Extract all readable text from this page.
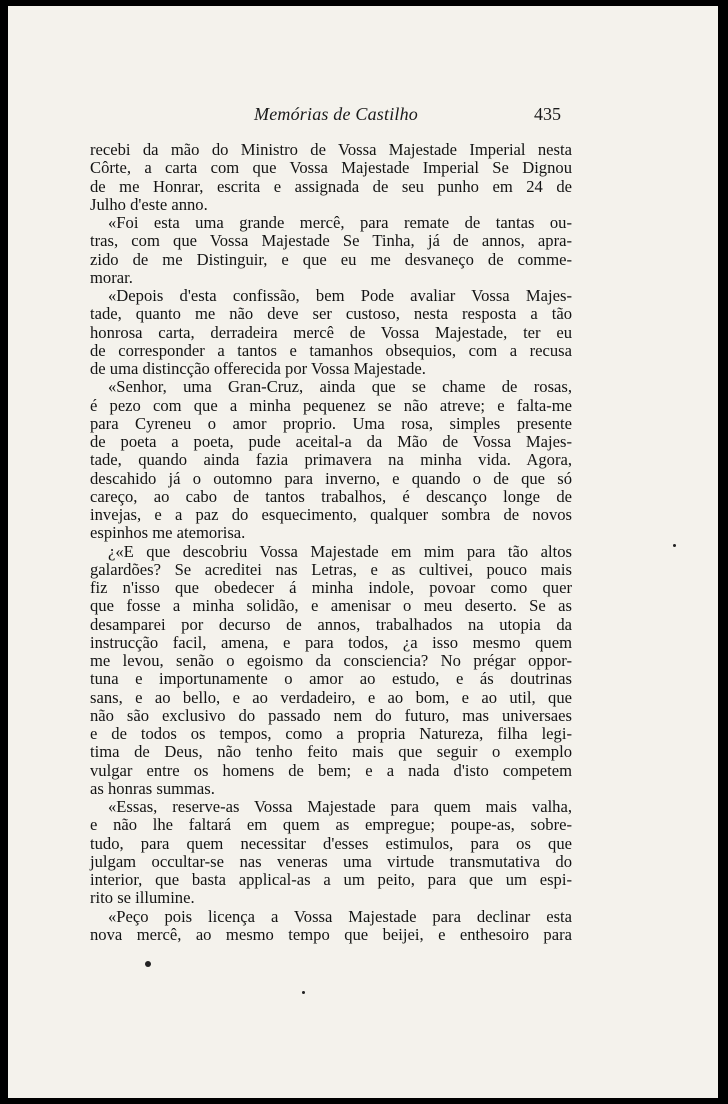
Memórias de Castilho	435
recebi da mão do Ministro de Vossa Majestade Imperial nesta
Côrte, a carta com que Vossa Majestade Imperial Se Dignou
de me Honrar, escrita e assignada de seu punho em 24 de
Julho d'este anno.
«Foi esta uma grande mercê, para remate de tantas ou-
tras, com que Vossa Majestade Se Tinha, já de annos, apra-
zido de me Distinguir, e que eu me desvaneço de comme-
morar.
«Depois d'esta confissão, bem Pode avaliar Vossa Majes-
tade, quanto me não deve ser custoso, nesta resposta a tão
honrosa carta, derradeira mercê de Vossa Majestade, ter eu
de corresponder a tantos e tamanhos obsequios, com a recusa
de uma distincção offerecida por Vossa Majestade.
«Senhor, uma Gran-Cruz, ainda que se chame de rosas,
é pezo com que a minha pequenez se não atreve; e falta-me
para Cyreneu o amor proprio. Uma rosa, simples presente
de poeta a poeta, pude aceital-a da Mão de Vossa Majes-
tade, quando ainda fazia primavera na minha vida. Agora,
descahido já o outomno para inverno, e quando o de que só
careço, ao cabo de tantos trabalhos, é descanço longe de
invejas, e a paz do esquecimento, qualquer sombra de novos
espinhos me atemorisa.
¿«E que descobriu Vossa Majestade em mim para tão altos
galardões? Se acreditei nas Letras, e as cultivei, pouco mais
fiz n'isso que obedecer á minha indole, povoar como quer
que fosse a minha solidão, e amenisar o meu deserto. Se as
desamparei por decurso de annos, trabalhados na utopia da
instrucção facil, amena, e para todos, ¿a isso mesmo quem
me levou, senão o egoismo da consciencia? No prégar oppor-
tuna e importunamente o amor ao estudo, e ás doutrinas
sans, e ao bello, e ao verdadeiro, e ao bom, e ao util, que
não são exclusivo do passado nem do futuro, mas universaes
e de todos os tempos, como a propria Natureza, filha legi-
tima de Deus, não tenho feito mais que seguir o exemplo
vulgar entre os homens de bem; e a nada d'isto competem
as honras summas.
«Essas, reserve-as Vossa Majestade para quem mais valha,
e não lhe faltará em quem as empregue; poupe-as, sobre-
tudo, para quem necessitar d'esses estimulos, para os que
julgam occultar-se nas veneras uma virtude transmutativa do
interior, que basta applical-as a um peito, para que um espi-
rito se illumine.
«Peço pois licença a Vossa Majestade para declinar esta
nova mercê, ao mesmo tempo que beijei, e enthesoiro para
